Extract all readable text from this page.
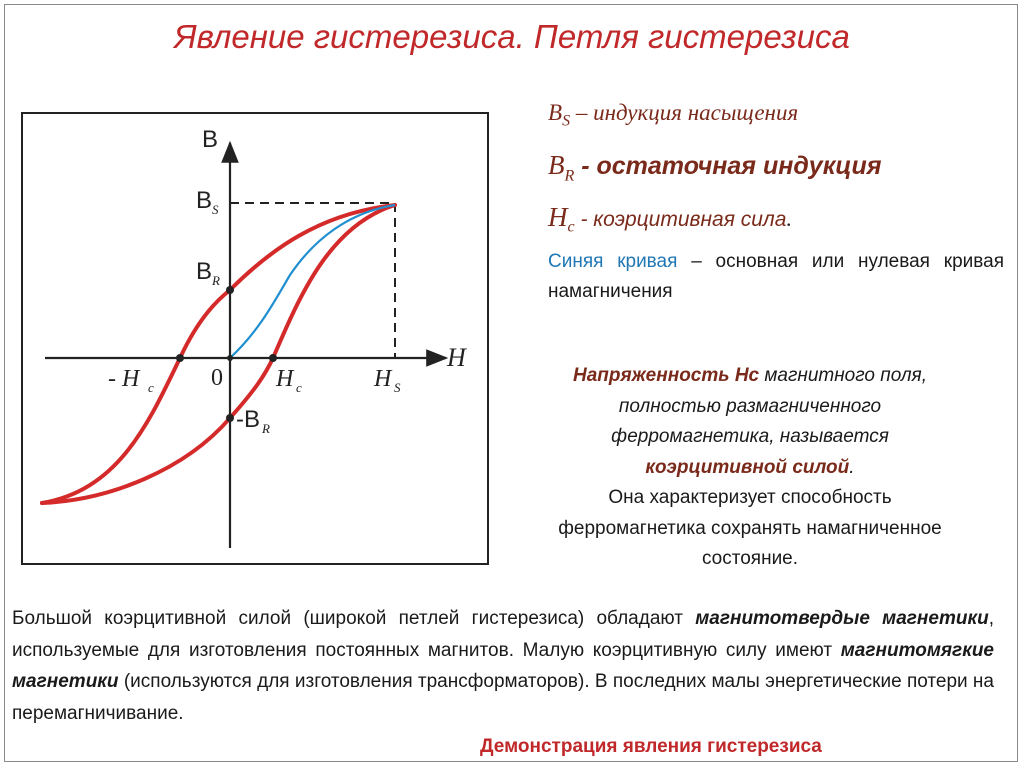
Явление гистерезиса. Петля гистерезиса
B
H
0
B S
B R
-B R
- H c	H c	H S
$B_S$ – индукция насыщения
$B_R$ - остаточная индукция
$H_c$ - коэрцитивная сила.
Синяя кривая – основная или нулевая кривая намагничения
Напряженность Нс магнитного поля, полностью размагниченного ферромагнетика, называется коэрцитивной силой.
Она характеризует способность ферромагнетика сохранять намагниченное состояние.
Большой коэрцитивной силой (широкой петлей гистерезиса) обладают магнитотвердые магнетики, используемые для изготовления постоянных магнитов. Малую коэрцитивную силу имеют магнитомягкие магнетики (используются для изготовления трансформаторов). В последних малы энергетические потери на перемагничивание.
Демонстрация явления гистерезиса
